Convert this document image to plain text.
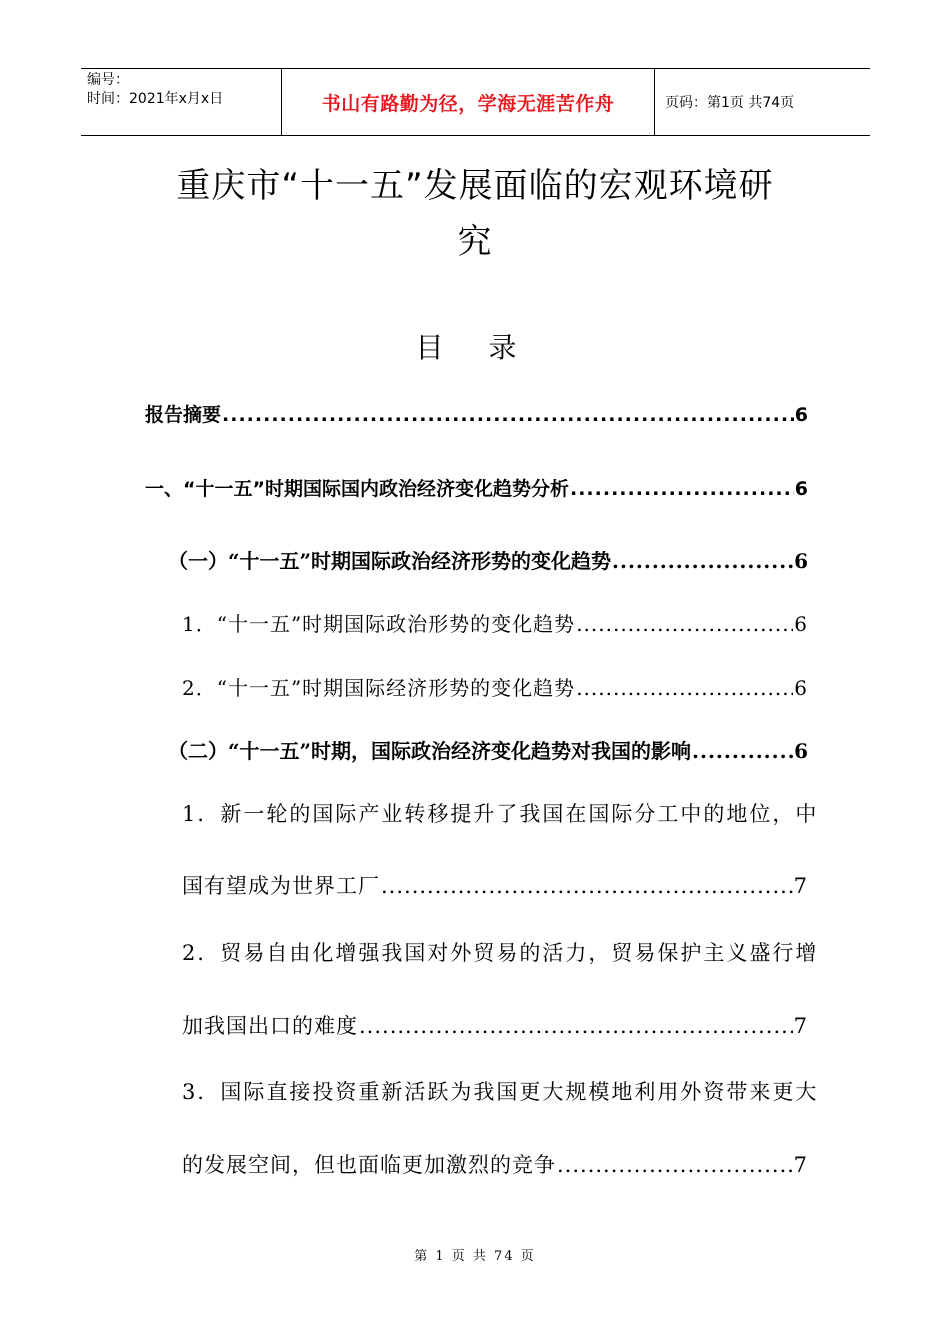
编号：
时间：2021年x月x日	书山有路勤为径，学海无涯苦作舟	页码：第1页 共74页
重庆市“十一五”发展面临的宏观环境研
究
目 录
报告摘要 .....	6
一、“十一五”时期国际国内政治经济变化趋势分析 .....	6
（一）“十一五”时期国际政治经济形势的变化趋势 .....	6
1．“十一五”时期国际政治形势的变化趋势 .....	6
2．“十一五”时期国际经济形势的变化趋势 .....	6
（二）“十一五”时期，国际政治经济变化趋势对我国的影响 .....	6
1．新一轮的国际产业转移提升了我国在国际分工中的地位，中
国有望成为世界工厂 .....	7
2．贸易自由化增强我国对外贸易的活力，贸易保护主义盛行增
加我国出口的难度 .....	7
3．国际直接投资重新活跃为我国更大规模地利用外资带来更大
的发展空间，但也面临更加激烈的竞争 .....	7
第 1 页 共 74 页
